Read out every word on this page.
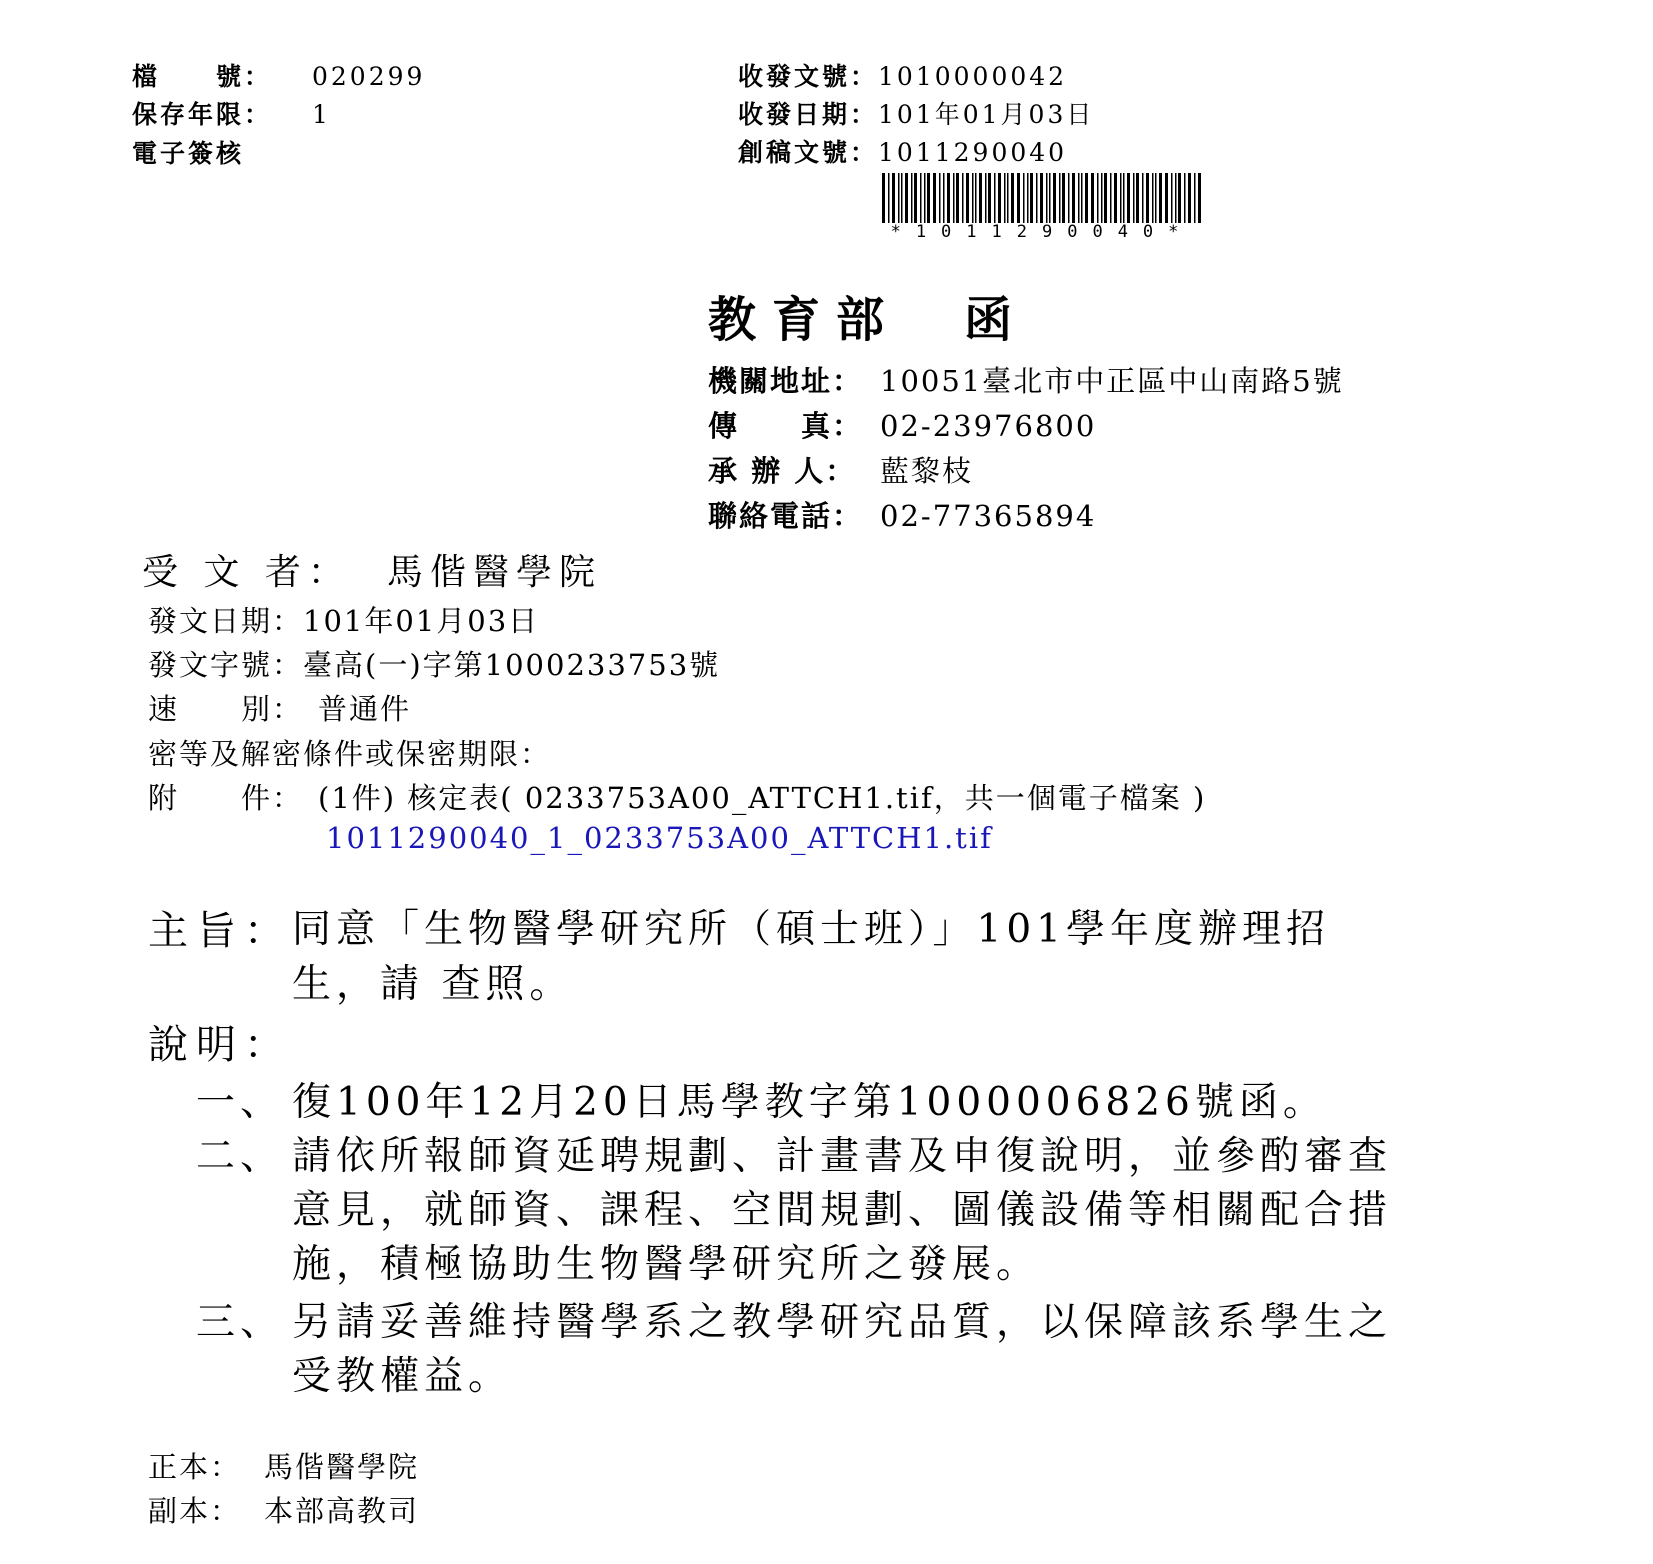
檔　　號： 020299
保存年限： 1
電子簽核
收發文號：1010000042
收發日期：101年01月03日
創稿文號：1011290040
*1011290040*
教育部　函
機關地址： 10051臺北市中正區中山南路5號
傳　　真： 02-23976800
承 辦 人： 藍黎枝
聯絡電話： 02-77365894
受 文 者： 馬偕醫學院
發文日期：101年01月03日
發文字號：臺高(一)字第1000233753號
速　　別： 普通件
密等及解密條件或保密期限：
附　　件： (1件) 核定表( 0233753A00_ATTCH1.tif，共一個電子檔案 )
1011290040_1_0233753A00_ATTCH1.tif
主旨： 同意「生物醫學研究所（碩士班）」101學年度辦理招
生，請 查照。
說明：
一、 復100年12月20日馬學教字第1000006826號函。
二、 請依所報師資延聘規劃、計畫書及申復說明，並參酌審查
意見，就師資、課程、空間規劃、圖儀設備等相關配合措
施，積極協助生物醫學研究所之發展。
三、 另請妥善維持醫學系之教學研究品質，以保障該系學生之
受教權益。
正本： 馬偕醫學院
副本： 本部高教司
